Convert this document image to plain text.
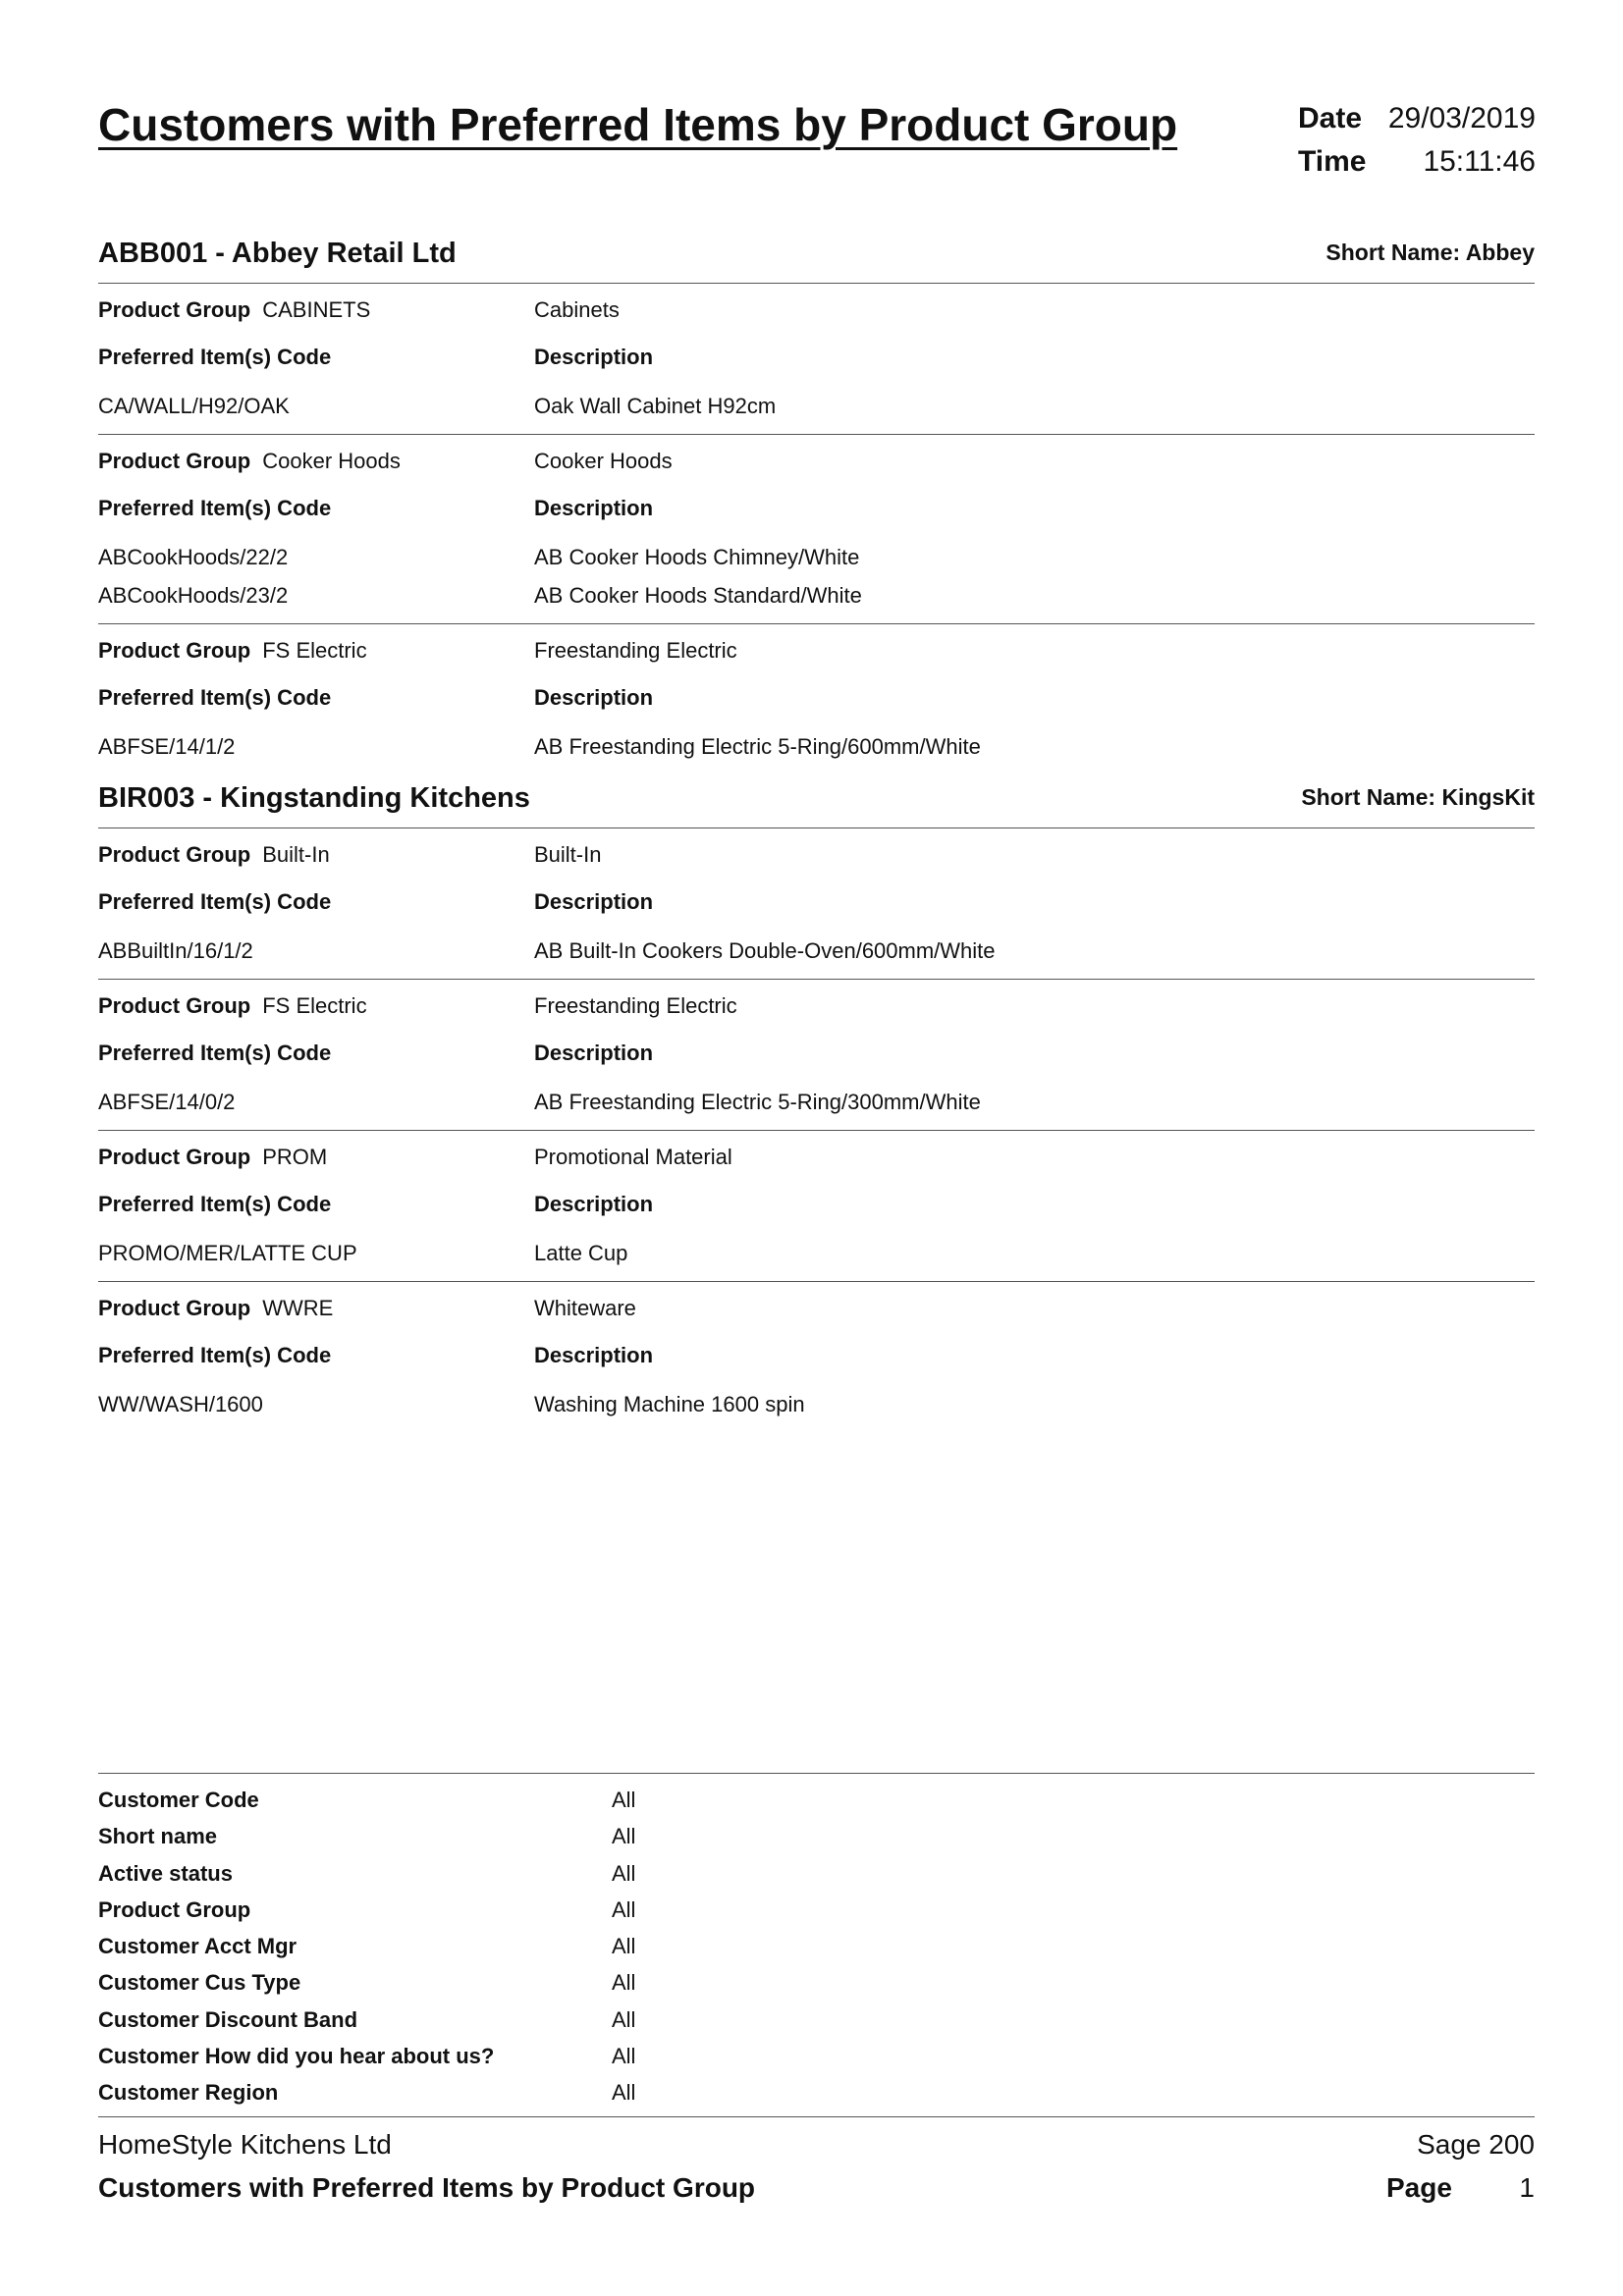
Customers with Preferred Items by Product Group	Date 29/03/2019
Time 15:11:46
ABB001 - Abbey Retail Ltd	Short Name: Abbey
Product Group CABINETS	Cabinets
Preferred Item(s) Code	Description
CA/WALL/H92/OAK	Oak Wall Cabinet H92cm
Product Group Cooker Hoods	Cooker Hoods
Preferred Item(s) Code	Description
ABCookHoods/22/2	AB Cooker Hoods Chimney/White
ABCookHoods/23/2	AB Cooker Hoods Standard/White
Product Group FS Electric	Freestanding Electric
Preferred Item(s) Code	Description
ABFSE/14/1/2	AB Freestanding Electric 5-Ring/600mm/White
BIR003 - Kingstanding Kitchens	Short Name: KingsKit
Product Group Built-In	Built-In
Preferred Item(s) Code	Description
ABBuiltIn/16/1/2	AB Built-In Cookers Double-Oven/600mm/White
Product Group FS Electric	Freestanding Electric
Preferred Item(s) Code	Description
ABFSE/14/0/2	AB Freestanding Electric 5-Ring/300mm/White
Product Group PROM	Promotional Material
Preferred Item(s) Code	Description
PROMO/MER/LATTE CUP	Latte Cup
Product Group WWRE	Whiteware
Preferred Item(s) Code	Description
WW/WASH/1600	Washing Machine 1600 spin
Customer Code	All
Short name	All
Active status	All
Product Group	All
Customer Acct Mgr	All
Customer Cus Type	All
Customer Discount Band	All
Customer How did you hear about us?	All
Customer Region	All
HomeStyle Kitchens Ltd	Sage 200
Customers with Preferred Items by Product Group	Page 1
